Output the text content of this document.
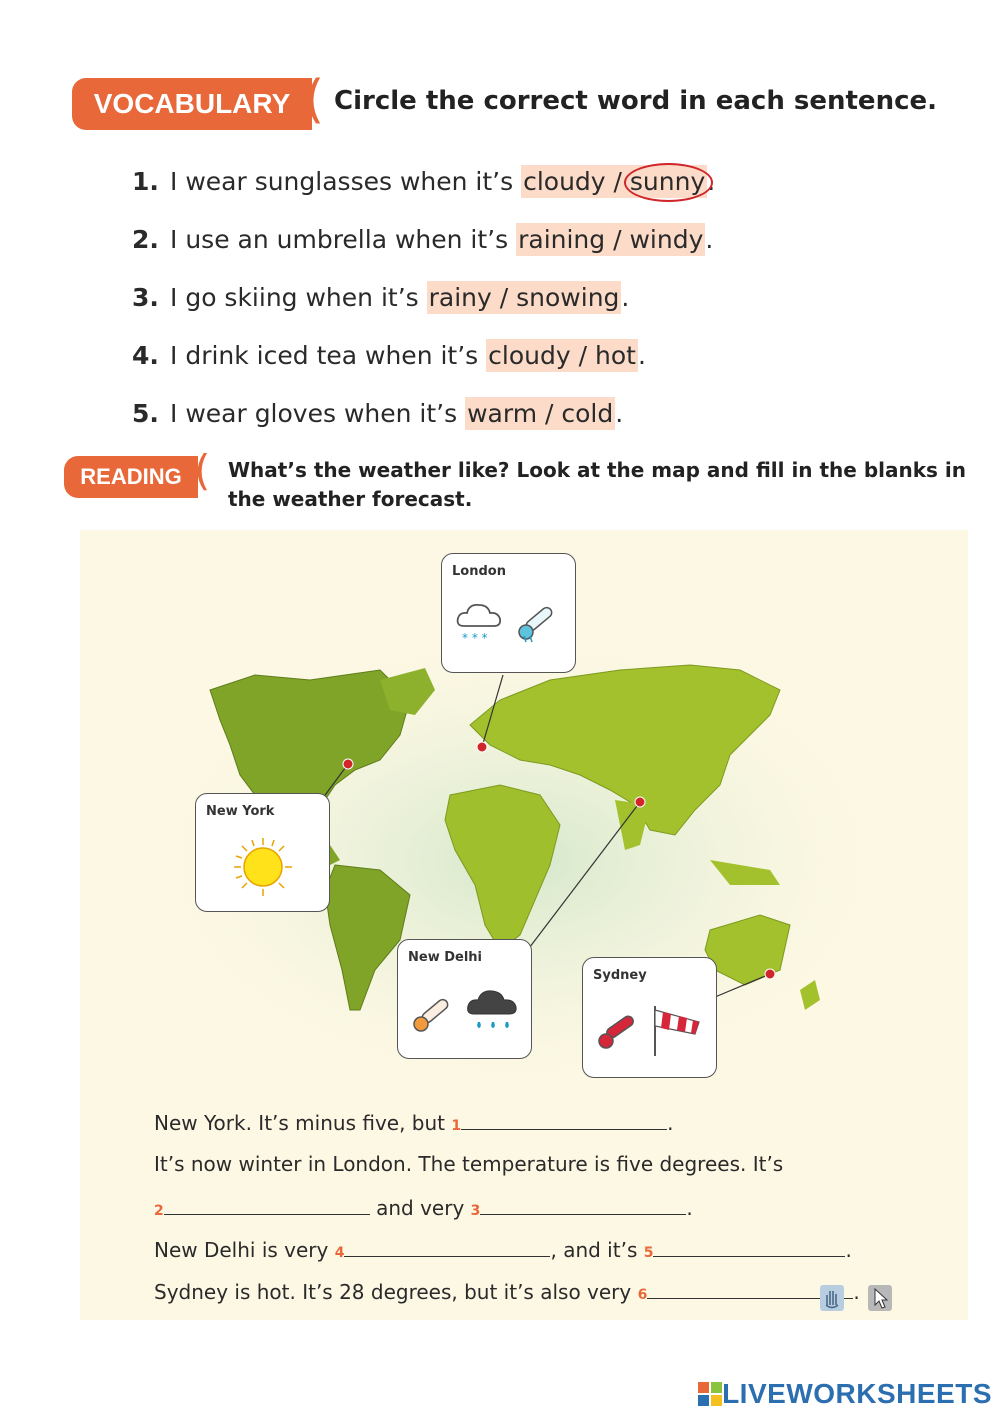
VOCABULARY ( Circle the correct word in each sentence.
1. I wear sunglasses when it’s cloudy / sunny.
2. I use an umbrella when it’s raining / windy.
3. I go skiing when it’s rainy / snowing.
4. I drink iced tea when it’s cloudy / hot.
5. I wear gloves when it’s warm / cold.
READING ( What’s the weather like? Look at the map and fill in the blanks in the weather forecast.
London
* * *
New York
New Delhi
Sydney
New York. It’s minus five, but 1	.
It’s now winter in London. The temperature is five degrees. It’s
2	and very 3	.
New Delhi is very 4	, and it’s 5	.
Sydney is hot. It’s 28 degrees, but it’s also very 6	.
LIVEWORKSHEETS
